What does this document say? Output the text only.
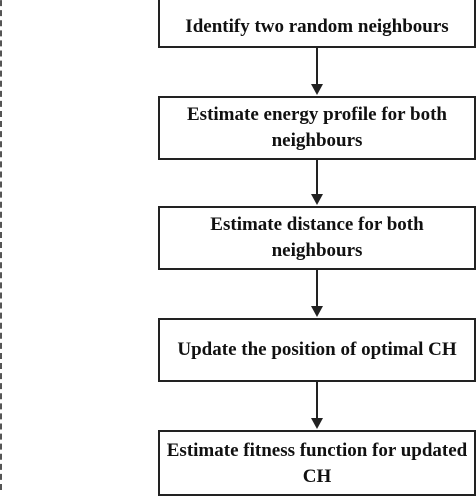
Identify two random neighbours
Estimate energy profile for both neighbours
Estimate distance for both neighbours
Update the position of optimal CH
Estimate fitness function for updated CH
